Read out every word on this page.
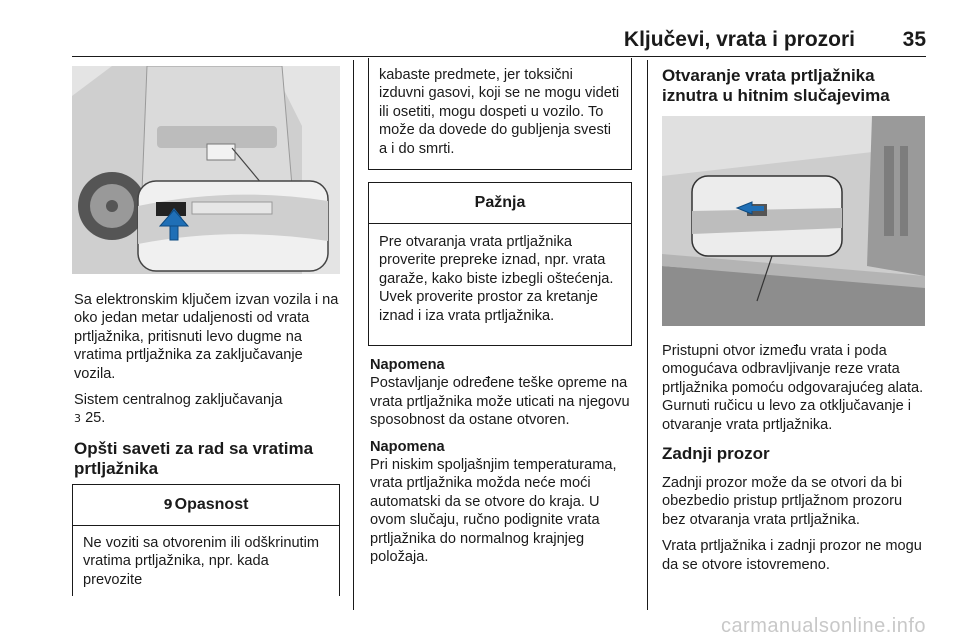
Ključevi, vrata i prozori 35

Sa elektronskim ključem izvan vozila i na oko jedan metar udaljenosti od vrata prtljažnika, pritisnuti levo dugme na vratima prtljažnika za zaključavanje vozila.

Sistem centralnog zaključavanja
3 25.

Opšti saveti za rad sa vratima prtljažnika
9 Opasnost
Ne voziti sa otvorenim ili odškrinutim vratima prtljažnika, npr. kada prevozite
kabaste predmete, jer toksični izduvni gasovi, koji se ne mogu videti ili osetiti, mogu dospeti u vozilo. To može da dovede do gubljenja svesti a i do smrti.
Pažnja
Pre otvaranja vrata prtljažnika proverite prepreke iznad, npr. vrata garaže, kako biste izbegli oštećenja. Uvek proverite prostor za kretanje iznad i iza vrata prtljažnika.
Napomena

Postavljanje određene teške opreme na vrata prtljažnika može uticati na njegovu sposobnost da ostane otvoren.

Napomena

Pri niskim spoljašnjim temperaturama, vrata prtljažnika možda neće moći automatski da se otvore do kraja. U ovom slučaju, ručno podignite vrata prtljažnika do normalnog krajnjeg položaja.

Otvaranje vrata prtljažnika iznutra u hitnim slučajevima

Pristupni otvor između vrata i poda omogućava odbravljivanje reze vrata prtljažnika pomoću odgovarajućeg alata. Gurnuti ručicu u levo za otključavanje i otvaranje vrata prtljažnika.

Zadnji prozor

Zadnji prozor može da se otvori da bi obezbedio pristup prtljažnom prozoru bez otvaranja vrata prtljažnika.

Vrata prtljažnika i zadnji prozor ne mogu da se otvore istovremeno.

carmanualsonline.info
